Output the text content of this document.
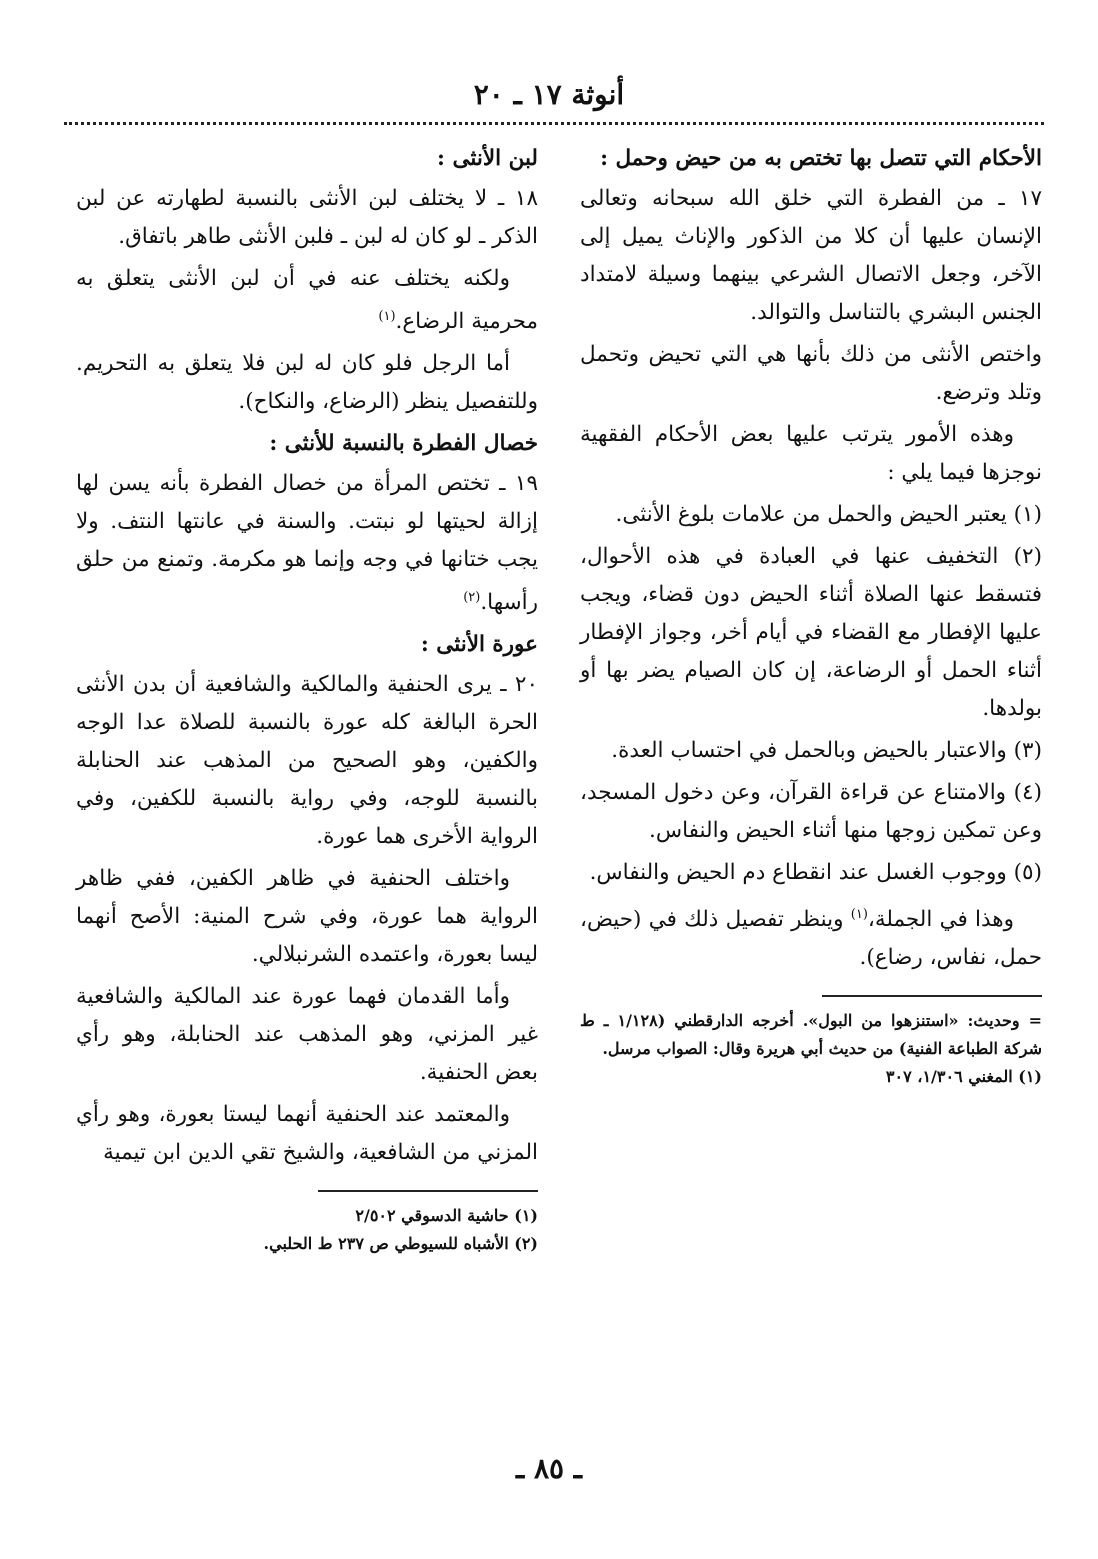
أنوثة ١٧ ـ ٢٠

الأحكام التي تتصل بها تختص به من حيض وحمل :

١٧ ـ من الفطرة التي خلق الله سبحانه وتعالى الإنسان عليها أن كلا من الذكور والإناث يميل إلى الآخر، وجعل الاتصال الشرعي بينهما وسيلة لامتداد الجنس البشري بالتناسل والتوالد.

واختص الأنثى من ذلك بأنها هي التي تحيض وتحمل وتلد وترضع.

وهذه الأمور يترتب عليها بعض الأحكام الفقهية نوجزها فيما يلي :

(١) يعتبر الحيض والحمل من علامات بلوغ الأنثى.

(٢) التخفيف عنها في العبادة في هذه الأحوال، فتسقط عنها الصلاة أثناء الحيض دون قضاء، ويجب عليها الإفطار مع القضاء في أيام أخر، وجواز الإفطار أثناء الحمل أو الرضاعة، إن كان الصيام يضر بها أو بولدها.

(٣) والاعتبار بالحيض وبالحمل في احتساب العدة.

(٤) والامتناع عن قراءة القرآن، وعن دخول المسجد، وعن تمكين زوجها منها أثناء الحيض والنفاس.

(٥) ووجوب الغسل عند انقطاع دم الحيض والنفاس.

وهذا في الجملة،$^{(١)}$ وينظر تفصيل ذلك في (حيض، حمل، نفاس، رضاع).

= وحديث: «استنزهوا من البول». أخرجه الدارقطني (١/١٢٨ ـ ط شركة الطباعة الفنية) من حديث أبي هريرة وقال: الصواب مرسل.

(١) المغني ١/٣٠٦، ٣٠٧

لبن الأنثى :

١٨ ـ لا يختلف لبن الأنثى بالنسبة لطهارته عن لبن الذكر ـ لو كان له لبن ـ فلبن الأنثى طاهر باتفاق.

ولكنه يختلف عنه في أن لبن الأنثى يتعلق به محرمية الرضاع.$^{(١)}$

أما الرجل فلو كان له لبن فلا يتعلق به التحريم. وللتفصيل ينظر (الرضاع، والنكاح).

خصال الفطرة بالنسبة للأنثى :

١٩ ـ تختص المرأة من خصال الفطرة بأنه يسن لها إزالة لحيتها لو نبتت. والسنة في عانتها النتف. ولا يجب ختانها في وجه وإنما هو مكرمة. وتمنع من حلق رأسها.$^{(٢)}$

عورة الأنثى :

٢٠ ـ يرى الحنفية والمالكية والشافعية أن بدن الأنثى الحرة البالغة كله عورة بالنسبة للصلاة عدا الوجه والكفين، وهو الصحيح من المذهب عند الحنابلة بالنسبة للوجه، وفي رواية بالنسبة للكفين، وفي الرواية الأخرى هما عورة.

واختلف الحنفية في ظاهر الكفين، ففي ظاهر الرواية هما عورة، وفي شرح المنية: الأصح أنهما ليسا بعورة، واعتمده الشرنبلالي.

وأما القدمان فهما عورة عند المالكية والشافعية غير المزني، وهو المذهب عند الحنابلة، وهو رأي بعض الحنفية.

والمعتمد عند الحنفية أنهما ليستا بعورة، وهو رأي المزني من الشافعية، والشيخ تقي الدين ابن تيمية

(١) حاشية الدسوقي ٢/٥٠٢

(٢) الأشباه للسيوطي ص ٢٣٧ ط الحلبي.

ـ ٨٥ ـ
